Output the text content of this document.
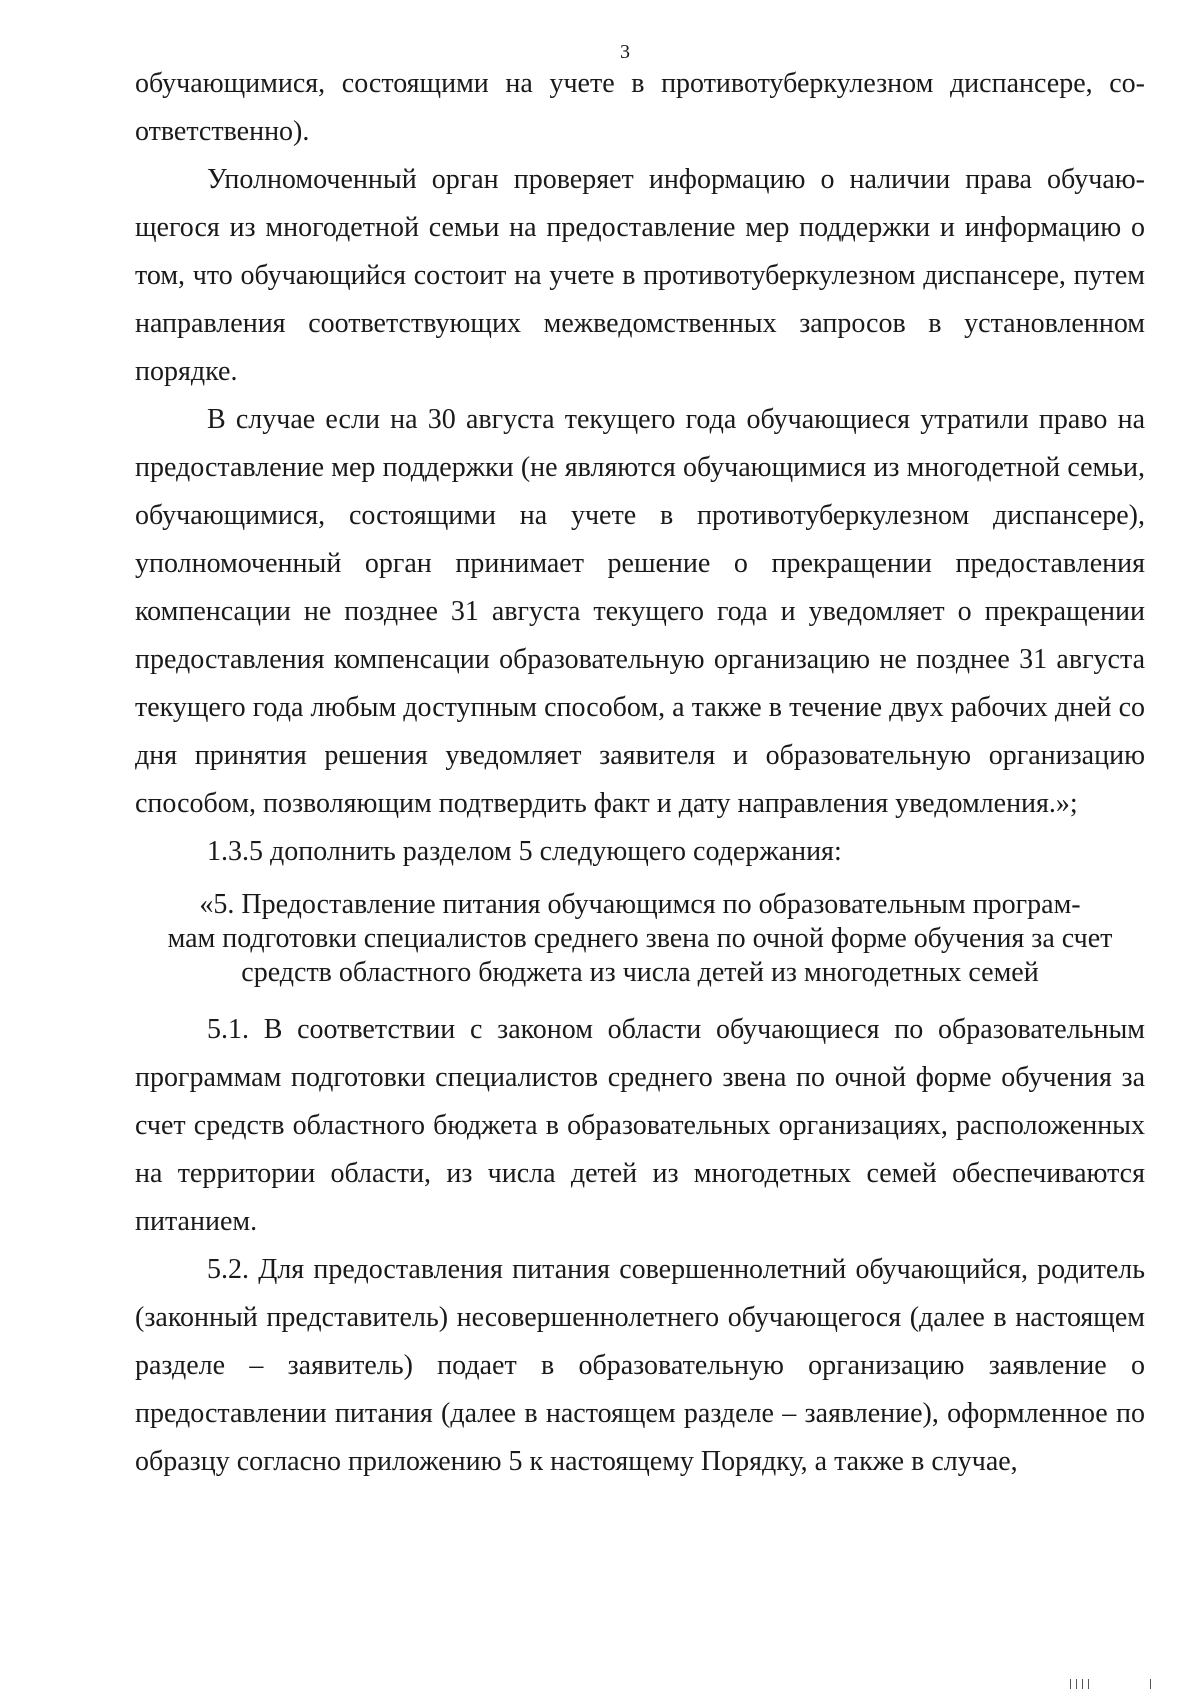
3

обучающимися, состоящими на учете в противотуберкулезном диспансере, соответственно).

Уполномоченный орган проверяет информацию о наличии права обучающегося из многодетной семьи на предоставление мер поддержки и информацию о том, что обучающийся состоит на учете в противотуберкулезном диспансере, путем направления соответствующих межведомственных запросов в установленном порядке.

В случае если на 30 августа текущего года обучающиеся утратили право на предоставление мер поддержки (не являются обучающимися из многодетной семьи, обучающимися, состоящими на учете в противотуберкулезном диспансере), уполномоченный орган принимает решение о прекращении предоставления компенсации не позднее 31 августа текущего года и уведомляет о прекращении предоставления компенсации образовательную организацию не позднее 31 августа текущего года любым доступным способом, а также в течение двух рабочих дней со дня принятия решения уведомляет заявителя и образовательную организацию способом, позволяющим подтвердить факт и дату направления уведомления.»;

1.3.5 дополнить разделом 5 следующего содержания:

«5. Предоставление питания обучающимся по образовательным програм-
мам подготовки специалистов среднего звена по очной форме обучения за счет
средств областного бюджета из числа детей из многодетных семей

5.1. В соответствии с законом области обучающиеся по образовательным программам подготовки специалистов среднего звена по очной форме обучения за счет средств областного бюджета в образовательных организациях, расположенных на территории области, из числа детей из многодетных семей обеспечиваются питанием.

5.2. Для предоставления питания совершеннолетний обучающийся, родитель (законный представитель) несовершеннолетнего обучающегося (далее в настоящем разделе – заявитель) подает в образовательную организацию заявление о предоставлении питания (далее в настоящем разделе – заявление), оформленное по образцу согласно приложению 5 к настоящему Порядку, а также в случае,
